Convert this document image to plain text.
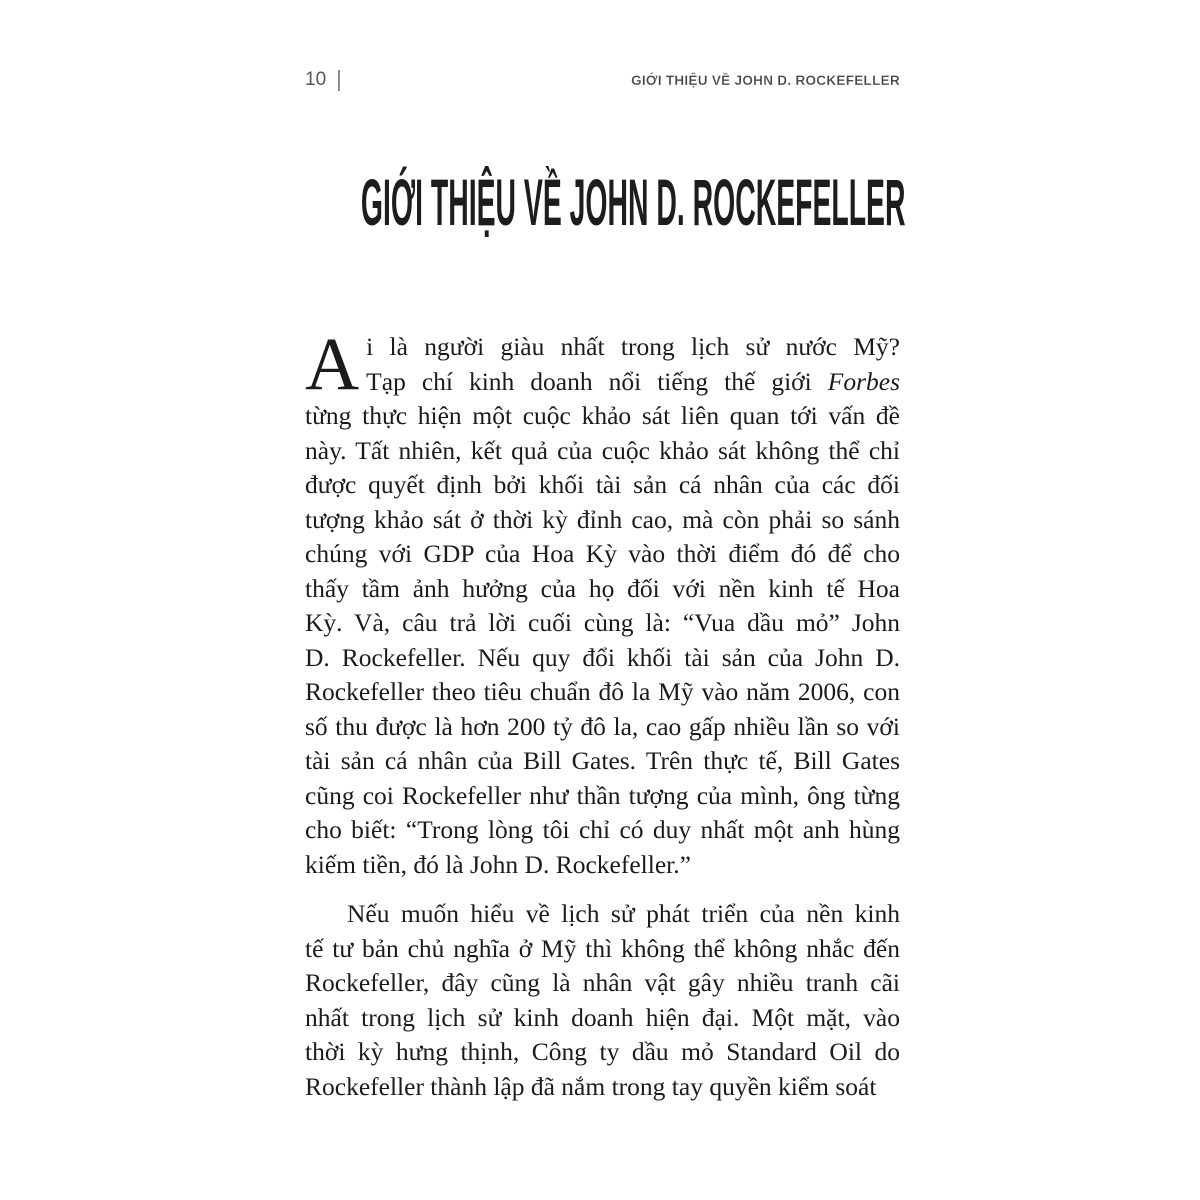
10	GIỚI THIỆU VỀ JOHN D. ROCKEFELLER
GIỚI THIỆU VỀ JOHN D. ROCKEFELLER
A i là người giàu nhất trong lịch sử nước Mỹ?
Tạp chí kinh doanh nổi tiếng thế giới Forbes
từng thực hiện một cuộc khảo sát liên quan tới vấn đề
này. Tất nhiên, kết quả của cuộc khảo sát không thể chỉ
được quyết định bởi khối tài sản cá nhân của các đối
tượng khảo sát ở thời kỳ đỉnh cao, mà còn phải so sánh
chúng với GDP của Hoa Kỳ vào thời điểm đó để cho
thấy tầm ảnh hưởng của họ đối với nền kinh tế Hoa
Kỳ. Và, câu trả lời cuối cùng là: “Vua dầu mỏ” John
D. Rockefeller. Nếu quy đổi khối tài sản của John D.
Rockefeller theo tiêu chuẩn đô la Mỹ vào năm 2006, con
số thu được là hơn 200 tỷ đô la, cao gấp nhiều lần so với
tài sản cá nhân của Bill Gates. Trên thực tế, Bill Gates
cũng coi Rockefeller như thần tượng của mình, ông từng
cho biết: “Trong lòng tôi chỉ có duy nhất một anh hùng
kiếm tiền, đó là John D. Rockefeller.”
Nếu muốn hiểu về lịch sử phát triển của nền kinh
tế tư bản chủ nghĩa ở Mỹ thì không thể không nhắc đến
Rockefeller, đây cũng là nhân vật gây nhiều tranh cãi
nhất trong lịch sử kinh doanh hiện đại. Một mặt, vào
thời kỳ hưng thịnh, Công ty dầu mỏ Standard Oil do
Rockefeller thành lập đã nắm trong tay quyền kiểm soát
